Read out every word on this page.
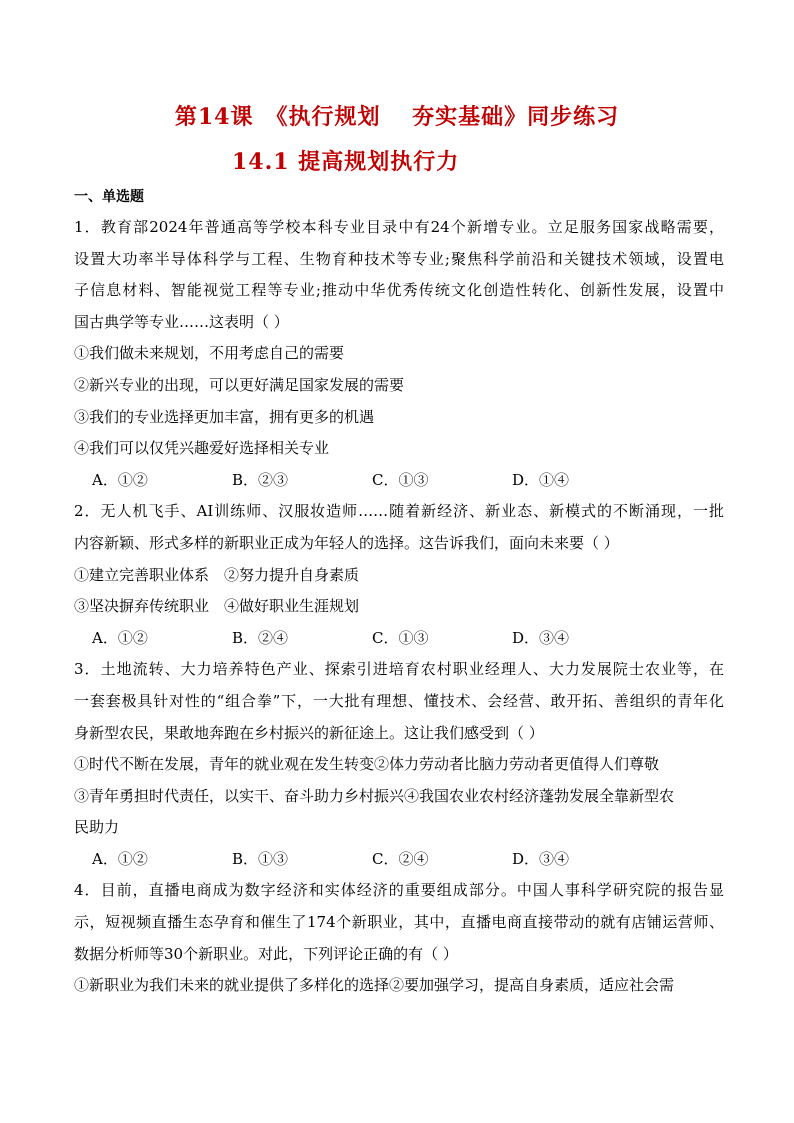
第14课　《执行规划　 夯实基础》同步练习
14.1 提高规划执行力
一、单选题
1．教育部2024年普通高等学校本科专业目录中有24个新增专业。立足服务国家战略需要，
设置大功率半导体科学与工程、生物育种技术等专业;聚焦科学前沿和关键技术领域，设置电
子信息材料、智能视觉工程等专业;推动中华优秀传统文化创造性转化、创新性发展，设置中
国古典学等专业……这表明（ ）
①我们做未来规划，不用考虑自己的需要
②新兴专业的出现，可以更好满足国家发展的需要
③我们的专业选择更加丰富，拥有更多的机遇
④我们可以仅凭兴趣爱好选择相关专业
A．①②	B．②③	C．①③	D．①④
2．无人机飞手、AI训练师、汉服妆造师……随着新经济、新业态、新模式的不断涌现，一批
内容新颖、形式多样的新职业正成为年轻人的选择。这告诉我们，面向未来要（ ）
①建立完善职业体系　②努力提升自身素质
③坚决摒弃传统职业　④做好职业生涯规划
A．①②	B．②④	C．①③	D．③④
3．土地流转、大力培养特色产业、探索引进培育农村职业经理人、大力发展院士农业等，在
一套套极具针对性的“组合拳”下，一大批有理想、懂技术、会经营、敢开拓、善组织的青年化
身新型农民，果敢地奔跑在乡村振兴的新征途上。这让我们感受到（ ）
①时代不断在发展，青年的就业观在发生转变②体力劳动者比脑力劳动者更值得人们尊敬
③青年勇担时代责任，以实干、奋斗助力乡村振兴④我国农业农村经济蓬勃发展全靠新型农
民助力
A．①②	B．①③	C．②④	D．③④
4．目前，直播电商成为数字经济和实体经济的重要组成部分。中国人事科学研究院的报告显
示，短视频直播生态孕育和催生了174个新职业，其中，直播电商直接带动的就有店铺运营师、
数据分析师等30个新职业。对此，下列评论正确的有（ ）
①新职业为我们未来的就业提供了多样化的选择②要加强学习，提高自身素质，适应社会需
